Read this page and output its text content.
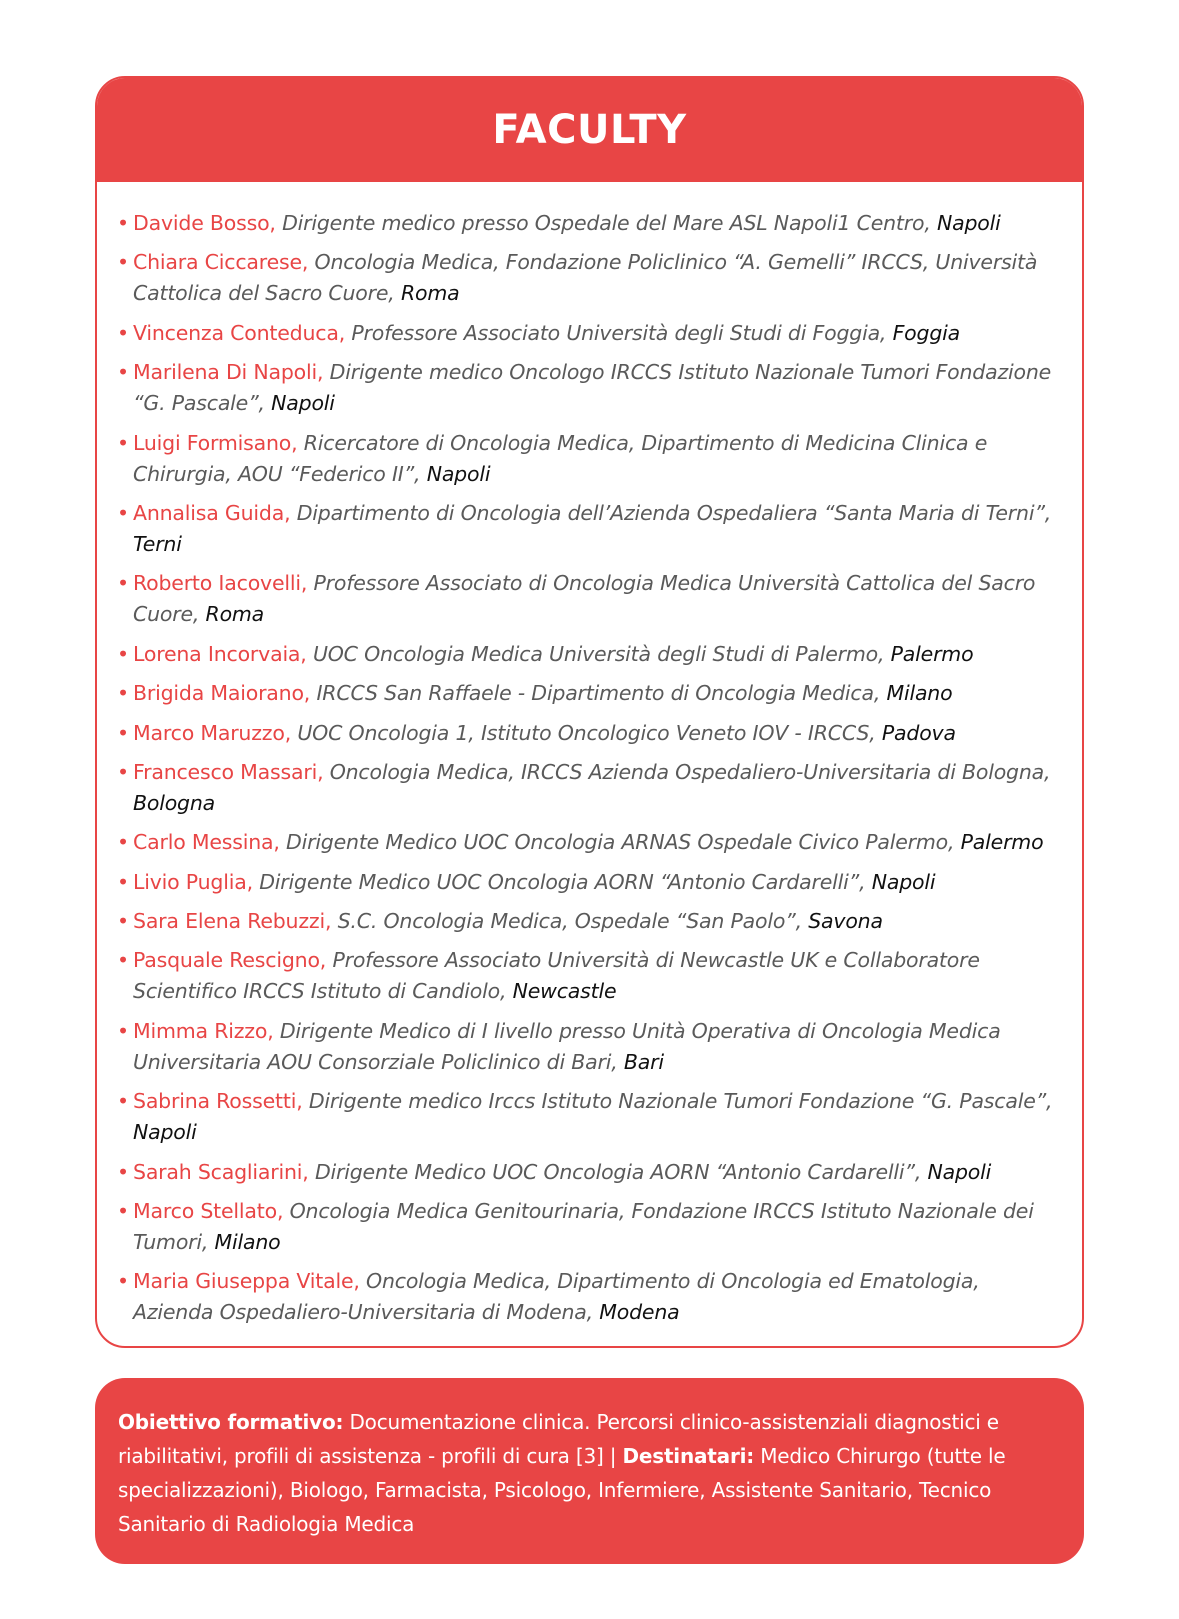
FACULTY
• Davide Bosso, Dirigente medico presso Ospedale del Mare ASL Napoli1 Centro, Napoli
• Chiara Ciccarese, Oncologia Medica, Fondazione Policlinico “A. Gemelli” IRCCS, Università Cattolica del Sacro Cuore, Roma
• Vincenza Conteduca, Professore Associato Università degli Studi di Foggia, Foggia
• Marilena Di Napoli, Dirigente medico Oncologo IRCCS Istituto Nazionale Tumori Fondazione “G. Pascale”, Napoli
• Luigi Formisano, Ricercatore di Oncologia Medica, Dipartimento di Medicina Clinica e Chirurgia, AOU “Federico II”, Napoli
• Annalisa Guida, Dipartimento di Oncologia dell’Azienda Ospedaliera “Santa Maria di Terni”, Terni
• Roberto Iacovelli, Professore Associato di Oncologia Medica Università Cattolica del Sacro Cuore, Roma
• Lorena Incorvaia, UOC Oncologia Medica Università degli Studi di Palermo, Palermo
• Brigida Maiorano, IRCCS San Raffaele - Dipartimento di Oncologia Medica, Milano
• Marco Maruzzo, UOC Oncologia 1, Istituto Oncologico Veneto IOV - IRCCS, Padova
• Francesco Massari, Oncologia Medica, IRCCS Azienda Ospedaliero-Universitaria di Bologna, Bologna
• Carlo Messina, Dirigente Medico UOC Oncologia ARNAS Ospedale Civico Palermo, Palermo
• Livio Puglia, Dirigente Medico UOC Oncologia AORN “Antonio Cardarelli”, Napoli
• Sara Elena Rebuzzi, S.C. Oncologia Medica, Ospedale “San Paolo”, Savona
• Pasquale Rescigno, Professore Associato Università di Newcastle UK e Collaboratore Scientifico IRCCS Istituto di Candiolo, Newcastle
• Mimma Rizzo, Dirigente Medico di I livello presso Unità Operativa di Oncologia Medica Universitaria AOU Consorziale Policlinico di Bari, Bari
• Sabrina Rossetti, Dirigente medico Irccs Istituto Nazionale Tumori Fondazione “G. Pascale”, Napoli
• Sarah Scagliarini, Dirigente Medico UOC Oncologia AORN “Antonio Cardarelli”, Napoli
• Marco Stellato, Oncologia Medica Genitourinaria, Fondazione IRCCS Istituto Nazionale dei Tumori, Milano
• Maria Giuseppa Vitale, Oncologia Medica, Dipartimento di Oncologia ed Ematologia, Azienda Ospedaliero-Universitaria di Modena, Modena
Obiettivo formativo: Documentazione clinica. Percorsi clinico-assistenziali diagnostici e riabilitativi, profili di assistenza - profili di cura [3] | Destinatari: Medico Chirurgo (tutte le specializzazioni), Biologo, Farmacista, Psicologo, Infermiere, Assistente Sanitario, Tecnico Sanitario di Radiologia Medica
